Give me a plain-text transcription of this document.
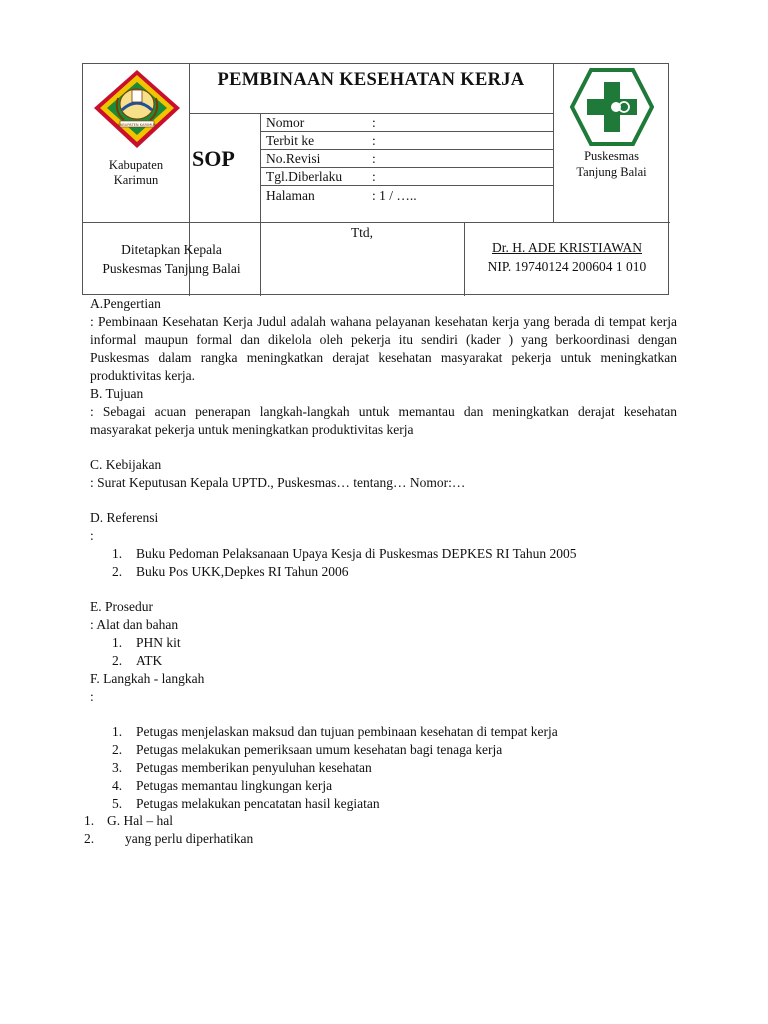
KABUPATEN KARIMUN
Kabupaten
Karimun
PEMBINAAN KESEHATAN KERJA
SOP
Nomor	:
Terbit ke	:
No.Revisi	:
Tgl.Diberlaku :
Halaman	: 1 / …..
Puskesmas
Tanjung Balai
Ditetapkan Kepala
Puskesmas Tanjung Balai
Ttd,
Dr. H. ADE KRISTIAWAN
NIP. 19740124 200604 1 010

A.Pengertian

: Pembinaan Kesehatan Kerja Judul adalah wahana pelayanan kesehatan kerja yang berada di tempat kerja informal maupun formal dan dikelola oleh pekerja itu sendiri (kader ) yang berkoordinasi dengan Puskesmas dalam rangka meningkatkan derajat kesehatan masyarakat pekerja untuk meningkatkan produktivitas kerja.

B. Tujuan

: Sebagai acuan penerapan langkah-langkah untuk memantau dan meningkatkan derajat kesehatan masyarakat pekerja untuk meningkatkan produktivitas kerja

C. Kebijakan

: Surat Keputusan Kepala UPTD., Puskesmas… tentang… Nomor:…

D. Referensi

:

1. Buku Pedoman Pelaksanaan Upaya Kesja di Puskesmas DEPKES RI Tahun 2005
2. Buku Pos UKK,Depkes RI Tahun 2006

E. Prosedur

: Alat dan bahan

1. PHN kit
2. ATK

F. Langkah - langkah

:

1. Petugas menjelaskan maksud dan tujuan pembinaan kesehatan di tempat kerja
2. Petugas melakukan pemeriksaan umum kesehatan bagi tenaga kerja
3. Petugas memberikan penyuluhan kesehatan
4. Petugas memantau lingkungan kerja
5. Petugas melakukan pencatatan hasil kegiatan
1. G. Hal – hal
2. yang perlu diperhatikan
